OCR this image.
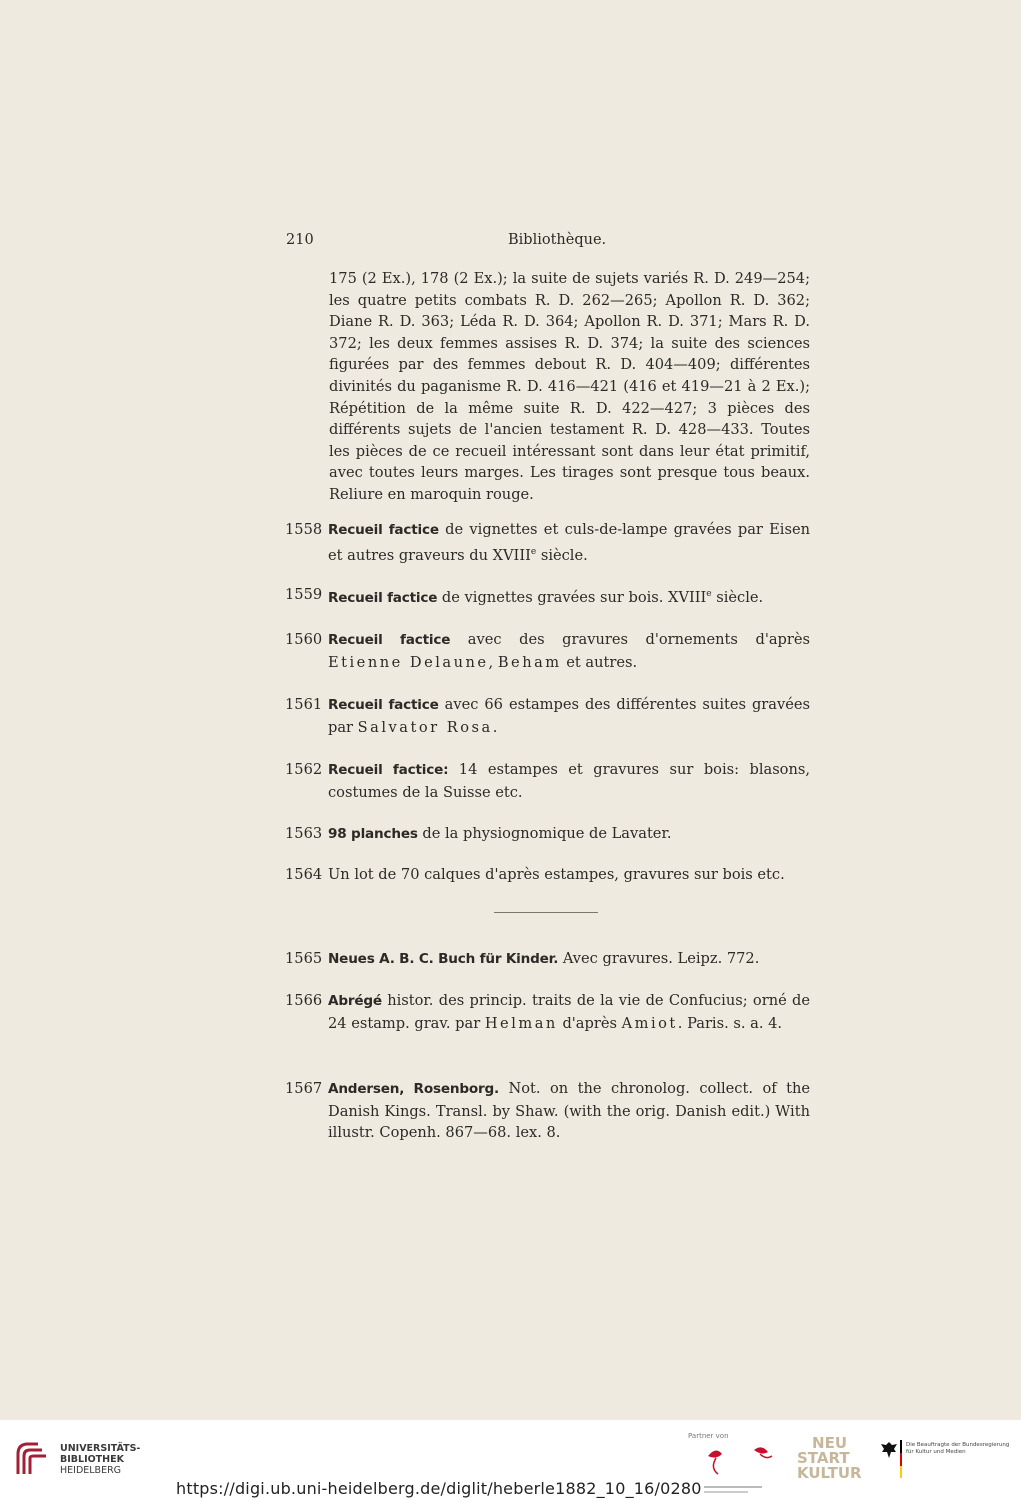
210	Bibliothèque.
175 (2 Ex.), 178 (2 Ex.); la suite de sujets variés R. D. 249—254; les quatre petits combats R. D. 262—265; Apollon R. D. 362; Diane R. D. 363; Léda R. D. 364; Apollon R. D. 371; Mars R. D. 372; les deux femmes assises R. D. 374; la suite des sciences figurées par des femmes debout R. D. 404—409; différentes divinités du paganisme R. D. 416—421 (416 et 419—21 à 2 Ex.); Répétition de la même suite R. D. 422—427; 3 pièces des différents sujets de l'ancien testament R. D. 428—433. Toutes les pièces de ce recueil intéressant sont dans leur état primitif, avec toutes leurs marges. Les tirages sont presque tous beaux. Reliure en maroquin rouge.
1558 Recueil factice de vignettes et culs-de-lampe gravées par Eisen et autres graveurs du XVIIIe siècle.
1559 Recueil factice de vignettes gravées sur bois. XVIIIe siècle.
1560 Recueil factice avec des gravures d'ornements d'après Etienne Delaune, Beham et autres.
1561 Recueil factice avec 66 estampes des différentes suites gravées par Salvator Rosa.
1562 Recueil factice: 14 estampes et gravures sur bois: blasons, costumes de la Suisse etc.
1563 98 planches de la physiognomique de Lavater.
1564 Un lot de 70 calques d'après estampes, gravures sur bois etc.
1565 Neues A. B. C. Buch für Kinder. Avec gravures. Leipz. 772.
1566 Abrégé histor. des princip. traits de la vie de Confucius; orné de 24 estamp. grav. par Helman d'après Amiot. Paris. s. a. 4.
1567 Andersen, Rosenborg. Not. on the chronolog. collect. of the Danish Kings. Transl. by Shaw. (with the orig. Danish edit.) With illustr. Copenh. 867—68. lex. 8.
UNIVERSITÄTS-
BIBLIOTHEK
HEIDELBERG
https://digi.ub.uni-heidelberg.de/diglit/heberle1882_10_16/0280
Partner von	NEU
START
KULTUR
Die Beauftragte der Bundesregierung
für Kultur und Medien
